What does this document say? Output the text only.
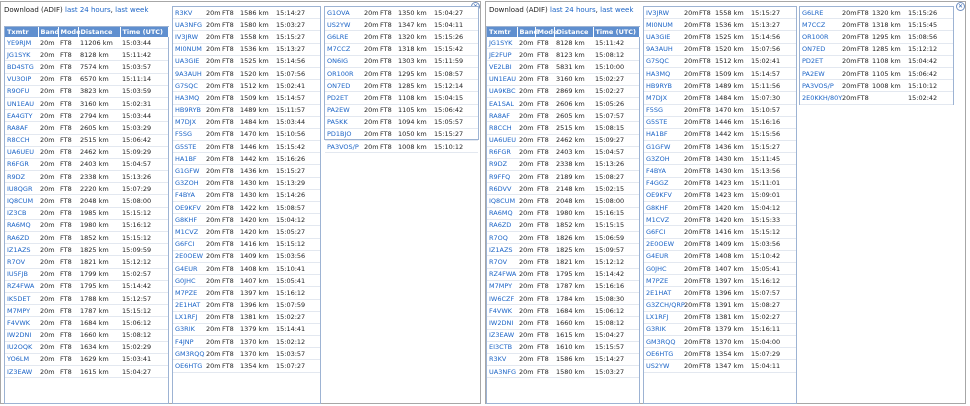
Download (ADIF) last 24 hours, last week
Txmtr	Band	Mode	Distance	Time (UTC)
YE9RJM	20m	FT8	11206 km	15:03:44
JG1SYK	20m	FT8	8128 km	15:11:42
BD4STG	20m	FT8	7574 km	15:03:57
VU3OIP	20m	FT8	6570 km	15:11:14
R9OFU	20m	FT8	3823 km	15:03:59
UN1EAU	20m	FT8	3160 km	15:02:31
EA4GTY	20m	FT8	2794 km	15:03:44
RA8AF	20m	FT8	2605 km	15:03:29
R8CCH	20m	FT8	2515 km	15:06:42
UA6UEU	20m	FT8	2462 km	15:09:29
R6FGR	20m	FT8	2403 km	15:04:57
R9DZ	20m	FT8	2338 km	15:13:26
IU8QGR	20m	FT8	2220 km	15:07:29
IQ8CUM	20m	FT8	2048 km	15:08:00
IZ3CB	20m	FT8	1985 km	15:15:12
RA6MQ	20m	FT8	1980 km	15:16:12
RA6ZD	20m	FT8	1852 km	15:15:12
IZ1AZS	20m	FT8	1825 km	15:09:59
R7OV	20m	FT8	1821 km	15:12:12
IU5FJB	20m	FT8	1799 km	15:02:57
RZ4FWA	20m	FT8	1795 km	15:14:42
IK5DET	20m	FT8	1788 km	15:12:57
M7MPY	20m	FT8	1787 km	15:15:12
F4VWK	20m	FT8	1684 km	15:06:12
IW2DNI	20m	FT8	1660 km	15:08:12
IU2OQK	20m	FT8	1634 km	15:02:29
YO6LM	20m	FT8	1629 km	15:03:41
IZ3EAW	20m	FT8	1615 km	15:04:27
R3KV	20m	FT8	1586 km	15:14:27
UA3NFG	20m	FT8	1580 km	15:03:27
IV3JRW	20m	FT8	1558 km	15:15:27
MI0NUM	20m	FT8	1536 km	15:13:27
UA3GIE	20m	FT8	1525 km	15:14:56
9A3AUH	20m	FT8	1520 km	15:07:56
G7SQC	20m	FT8	1512 km	15:02:41
HA3MQ	20m	FT8	1509 km	15:14:57
HB9RYB	20m	FT8	1489 km	15:11:57
M7DJX	20m	FT8	1484 km	15:03:44
F5SG	20m	FT8	1470 km	15:10:56
G5STE	20m	FT8	1446 km	15:15:42
HA1BF	20m	FT8	1442 km	15:16:26
G1GFW	20m	FT8	1436 km	15:15:27
G3ZOH	20m	FT8	1430 km	15:13:29
F4BYA	20m	FT8	1430 km	15:14:26
OE9KFV	20m	FT8	1422 km	15:08:57
G8KHF	20m	FT8	1420 km	15:04:12
M1CVZ	20m	FT8	1420 km	15:05:27
G6FCI	20m	FT8	1416 km	15:15:12
2E0OEW	20m	FT8	1409 km	15:03:56
G4EUR	20m	FT8	1408 km	15:10:41
G0JHC	20m	FT8	1407 km	15:05:41
M7PZE	20m	FT8	1397 km	15:16:12
2E1HAT	20m	FT8	1396 km	15:07:59
LX1RFJ	20m	FT8	1381 km	15:02:27
G3RIK	20m	FT8	1379 km	15:14:41
F4JNP	20m	FT8	1370 km	15:02:12
GM3RQQ	20m	FT8	1370 km	15:03:57
OE6HTG	20m	FT8	1354 km	15:07:27
G1OVA	20m	FT8	1350 km	15:04:27
US2YW	20m	FT8	1347 km	15:04:11
G6LRE	20m	FT8	1320 km	15:15:26
M7CCZ	20m	FT8	1318 km	15:15:42
ON6IG	20m	FT8	1303 km	15:11:59
OR100R	20m	FT8	1295 km	15:08:57
ON7ED	20m	FT8	1285 km	15:12:14
PD2ET	20m	FT8	1108 km	15:04:15
PA2EW	20m	FT8	1105 km	15:06:42
PA5KK	20m	FT8	1094 km	15:05:57
PD1BJO	20m	FT8	1050 km	15:15:27
PA3VOS/P	20m	FT8	1008 km	15:10:12
✕
Download (ADIF) last 24 hours, last week
Txmtr	Band	Mode	Distance	Time (UTC)
JG1SYK	20m	FT8	8128 km	15:11:42
JE2FUP	20m	FT8	8123 km	15:08:12
VE2LBI	20m	FT8	5831 km	15:10:00
UN1EAU	20m	FT8	3160 km	15:02:27
UA9KBC	20m	FT8	2869 km	15:02:27
EA1SAL	20m	FT8	2606 km	15:05:26
RA8AF	20m	FT8	2605 km	15:07:57
R8CCH	20m	FT8	2515 km	15:08:15
UA6UEU	20m	FT8	2462 km	15:09:27
R6FGR	20m	FT8	2403 km	15:04:57
R9DZ	20m	FT8	2338 km	15:13:26
R9FFQ	20m	FT8	2189 km	15:08:27
R6DVV	20m	FT8	2148 km	15:02:15
IQ8CUM	20m	FT8	2048 km	15:08:00
RA6MQ	20m	FT8	1980 km	15:16:15
RA6ZD	20m	FT8	1852 km	15:15:15
R7OQ	20m	FT8	1826 km	15:06:59
IZ1AZS	20m	FT8	1825 km	15:09:57
R7OV	20m	FT8	1821 km	15:12:12
RZ4FWA	20m	FT8	1795 km	15:14:42
M7MPY	20m	FT8	1787 km	15:16:16
IW6CZF	20m	FT8	1784 km	15:08:30
F4VWK	20m	FT8	1684 km	15:06:12
IW2DNI	20m	FT8	1660 km	15:08:12
IZ3EAW	20m	FT8	1615 km	15:04:27
EI3CTB	20m	FT8	1610 km	15:15:57
R3KV	20m	FT8	1586 km	15:14:27
UA3NFG	20m	FT8	1580 km	15:03:27
IV3JRW	20m	FT8	1558 km	15:15:27
MI0NUM	20m	FT8	1536 km	15:13:27
UA3GIE	20m	FT8	1525 km	15:14:56
9A3AUH	20m	FT8	1520 km	15:07:56
G7SQC	20m	FT8	1512 km	15:02:41
HA3MQ	20m	FT8	1509 km	15:14:57
HB9RYB	20m	FT8	1489 km	15:11:56
M7DJX	20m	FT8	1484 km	15:07:30
F5SG	20m	FT8	1470 km	15:10:57
G5STE	20m	FT8	1446 km	15:16:16
HA1BF	20m	FT8	1442 km	15:15:56
G1GFW	20m	FT8	1436 km	15:15:27
G3ZOH	20m	FT8	1430 km	15:11:45
F4BYA	20m	FT8	1430 km	15:13:56
F4GGZ	20m	FT8	1423 km	15:11:01
OE9KFV	20m	FT8	1423 km	15:09:01
G8KHF	20m	FT8	1420 km	15:04:12
M1CVZ	20m	FT8	1420 km	15:15:33
G6FCI	20m	FT8	1416 km	15:15:12
2E0OEW	20m	FT8	1409 km	15:03:56
G4EUR	20m	FT8	1408 km	15:10:42
G0JHC	20m	FT8	1407 km	15:05:41
M7PZE	20m	FT8	1397 km	15:16:12
2E1HAT	20m	FT8	1396 km	15:07:57
G3ZCH/QRP	20m	FT8	1391 km	15:08:27
LX1RFJ	20m	FT8	1381 km	15:02:27
G3RIK	20m	FT8	1379 km	15:16:11
GM3RQQ	20m	FT8	1370 km	15:04:00
OE6HTG	20m	FT8	1354 km	15:07:29
US2YW	20m	FT8	1347 km	15:04:11
G6LRE	20m	FT8	1320 km	15:15:26
M7CCZ	20m	FT8	1318 km	15:15:45
OR100R	20m	FT8	1295 km	15:08:56
ON7ED	20m	FT8	1285 km	15:12:12
PD2ET	20m	FT8	1108 km	15:04:42
PA2EW	20m	FT8	1105 km	15:06:42
PA3VOS/P	20m	FT8	1008 km	15:10:12
2E0KKH/80Y	20m	FT8		15:02:42
